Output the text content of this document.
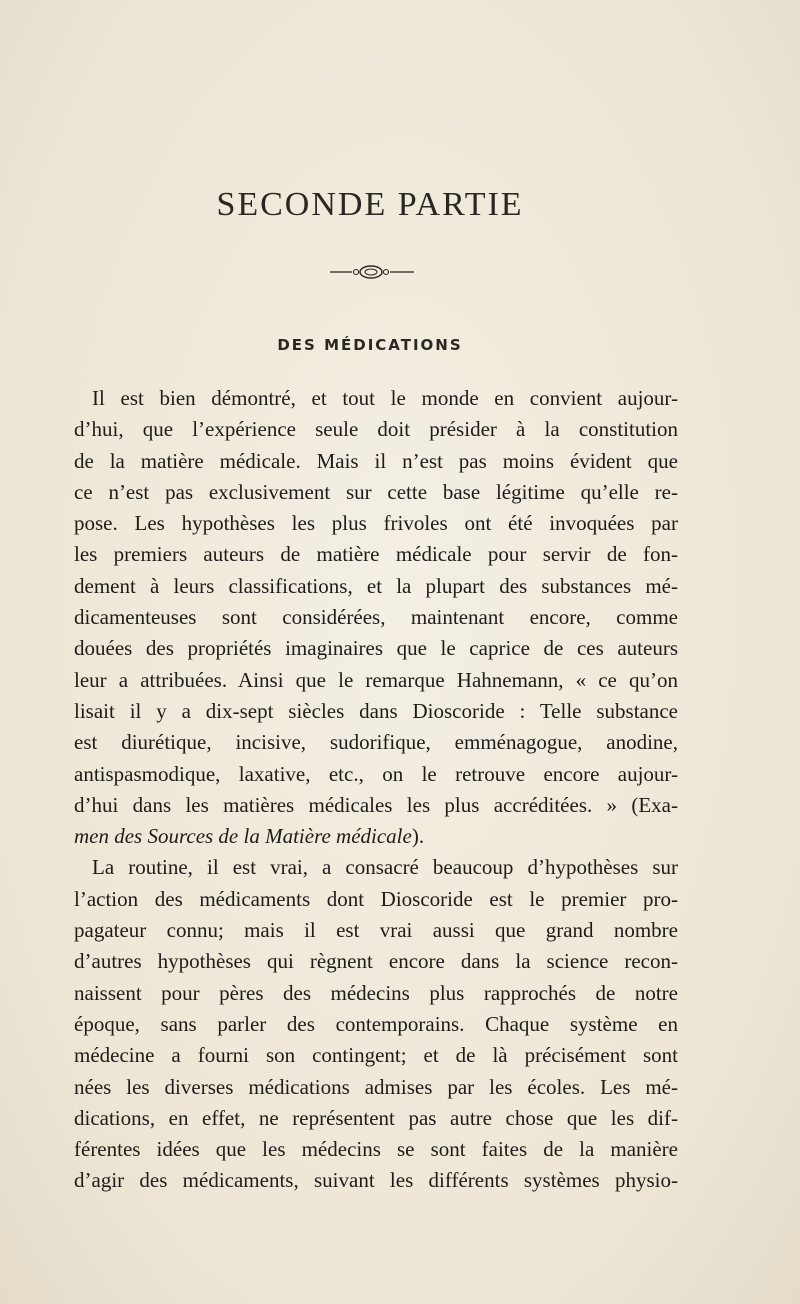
SECONDE PARTIE
DES MÉDICATIONS
Il est bien démontré, et tout le monde en convient aujour-
d’hui, que l’expérience seule doit présider à la constitution
de la matière médicale. Mais il n’est pas moins évident que
ce n’est pas exclusivement sur cette base légitime qu’elle re-
pose. Les hypothèses les plus frivoles ont été invoquées par
les premiers auteurs de matière médicale pour servir de fon-
dement à leurs classifications, et la plupart des substances mé-
dicamenteuses sont considérées, maintenant encore, comme
douées des propriétés imaginaires que le caprice de ces auteurs
leur a attribuées. Ainsi que le remarque Hahnemann, « ce qu’on
lisait il y a dix-sept siècles dans Dioscoride : Telle substance
est diurétique, incisive, sudorifique, emménagogue, anodine,
antispasmodique, laxative, etc., on le retrouve encore aujour-
d’hui dans les matières médicales les plus accréditées. » (Exa-
men des Sources de la Matière médicale).
La routine, il est vrai, a consacré beaucoup d’hypothèses sur
l’action des médicaments dont Dioscoride est le premier pro-
pagateur connu; mais il est vrai aussi que grand nombre
d’autres hypothèses qui règnent encore dans la science recon-
naissent pour pères des médecins plus rapprochés de notre
époque, sans parler des contemporains. Chaque système en
médecine a fourni son contingent; et de là précisément sont
nées les diverses médications admises par les écoles. Les mé-
dications, en effet, ne représentent pas autre chose que les dif-
férentes idées que les médecins se sont faites de la manière
d’agir des médicaments, suivant les différents systèmes physio-
